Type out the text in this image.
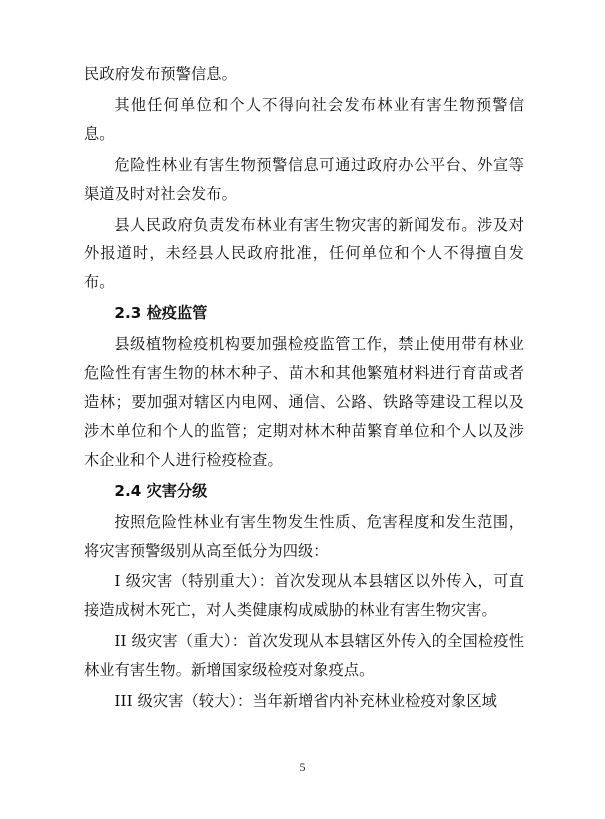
民政府发布预警信息。

其他任何单位和个人不得向社会发布林业有害生物预警信息。

危险性林业有害生物预警信息可通过政府办公平台、外宣等渠道及时对社会发布。

县人民政府负责发布林业有害生物灾害的新闻发布。涉及对外报道时，未经县人民政府批准，任何单位和个人不得擅自发布。

2.3 检疫监管

县级植物检疫机构要加强检疫监管工作，禁止使用带有林业危险性有害生物的林木种子、苗木和其他繁殖材料进行育苗或者造林；要加强对辖区内电网、通信、公路、铁路等建设工程以及涉木单位和个人的监管；定期对林木种苗繁育单位和个人以及涉木企业和个人进行检疫检查。

2.4 灾害分级

按照危险性林业有害生物发生性质、危害程度和发生范围，将灾害预警级别从高至低分为四级：

I 级灾害（特别重大）：首次发现从本县辖区以外传入，可直接造成树木死亡，对人类健康构成威胁的林业有害生物灾害。

II 级灾害（重大）：首次发现从本县辖区外传入的全国检疫性林业有害生物。新增国家级检疫对象疫点。

III 级灾害（较大）：当年新增省内补充林业检疫对象区域

5
